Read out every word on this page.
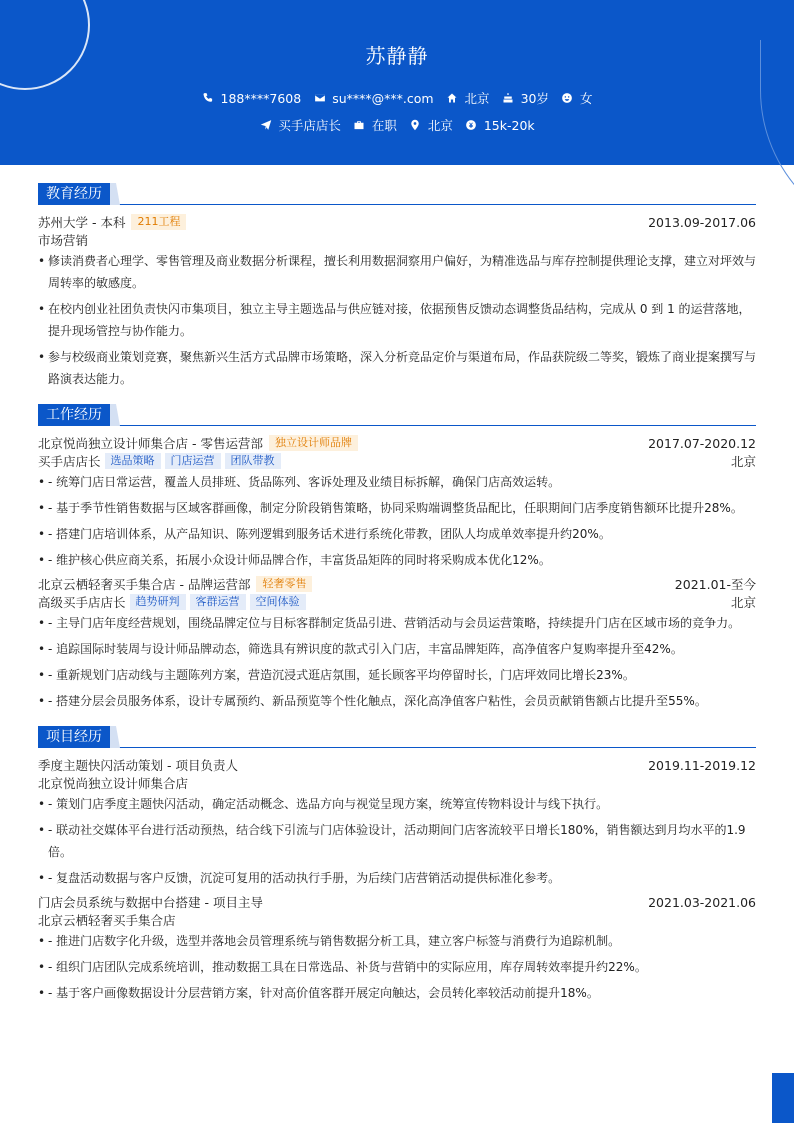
苏静静
188****7608 su****@***.com 北京 30岁 女
买手店店长 在职 北京 15k-20k
教育经历
苏州大学 - 本科	211工程	2013.09-2017.06
市场营销
• 修读消费者心理学、零售管理及商业数据分析课程，擅长利用数据洞察用户偏好，为精准选品与库存控制提供理论支撑，建立对坪效与周转率的敏感度。
• 在校内创业社团负责快闪市集项目，独立主导主题选品与供应链对接，依据预售反馈动态调整货品结构，完成从 0 到 1 的运营落地，提升现场管控与协作能力。
• 参与校级商业策划竞赛，聚焦新兴生活方式品牌市场策略，深入分析竞品定价与渠道布局，作品获院级二等奖，锻炼了商业提案撰写与路演表达能力。
工作经历
北京悦尚独立设计师集合店 - 零售运营部	独立设计师品牌	2017.07-2020.12
买手店店长 选品策略	门店运营	团队带教	北京
• - 统筹门店日常运营，覆盖人员排班、货品陈列、客诉处理及业绩目标拆解，确保门店高效运转。
• - 基于季节性销售数据与区域客群画像，制定分阶段销售策略，协同采购端调整货品配比，任职期间门店季度销售额环比提升28%。
• - 搭建门店培训体系，从产品知识、陈列逻辑到服务话术进行系统化带教，团队人均成单效率提升约20%。
• - 维护核心供应商关系，拓展小众设计师品牌合作，丰富货品矩阵的同时将采购成本优化12%。
北京云栖轻奢买手集合店 - 品牌运营部	轻奢零售	2021.01-至今
高级买手店店长 趋势研判	客群运营	空间体验	北京
• - 主导门店年度经营规划，围绕品牌定位与目标客群制定货品引进、营销活动与会员运营策略，持续提升门店在区域市场的竞争力。
• - 追踪国际时装周与设计师品牌动态，筛选具有辨识度的款式引入门店，丰富品牌矩阵，高净值客户复购率提升至42%。
• - 重新规划门店动线与主题陈列方案，营造沉浸式逛店氛围，延长顾客平均停留时长，门店坪效同比增长23%。
• - 搭建分层会员服务体系，设计专属预约、新品预览等个性化触点，深化高净值客户粘性，会员贡献销售额占比提升至55%。
项目经历
季度主题快闪活动策划 - 项目负责人	2019.11-2019.12
北京悦尚独立设计师集合店
• - 策划门店季度主题快闪活动，确定活动概念、选品方向与视觉呈现方案，统筹宣传物料设计与线下执行。
• - 联动社交媒体平台进行活动预热，结合线下引流与门店体验设计，活动期间门店客流较平日增长180%，销售额达到月均水平的1.9倍。
• - 复盘活动数据与客户反馈，沉淀可复用的活动执行手册，为后续门店营销活动提供标准化参考。
门店会员系统与数据中台搭建 - 项目主导	2021.03-2021.06
北京云栖轻奢买手集合店
• - 推进门店数字化升级，选型并落地会员管理系统与销售数据分析工具，建立客户标签与消费行为追踪机制。
• - 组织门店团队完成系统培训，推动数据工具在日常选品、补货与营销中的实际应用，库存周转效率提升约22%。
• - 基于客户画像数据设计分层营销方案，针对高价值客群开展定向触达，会员转化率较活动前提升18%。
